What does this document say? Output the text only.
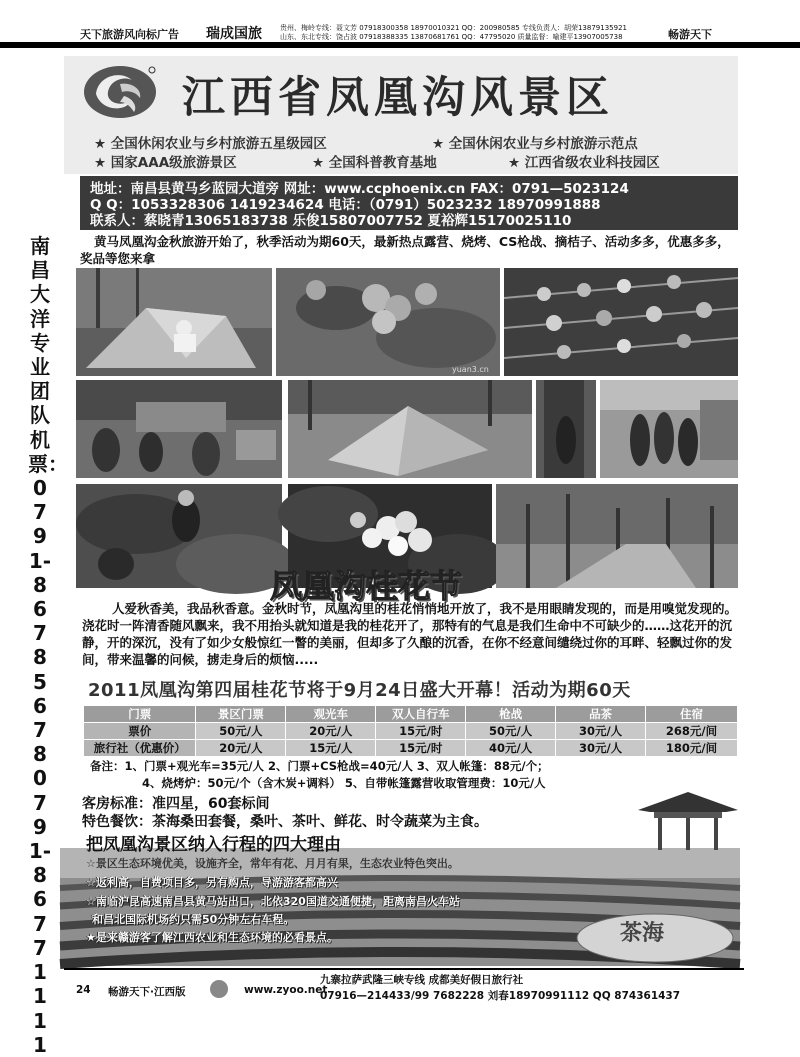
天下旅游风向标广告 瑞成国旅	贵州、梅岭专线：聂文芳 07918300358 18970010321 QQ：200980585 专线负责人：胡荣13879135921
山东、东北专线：饶占波 07918388335 13870681761 QQ：47795020 质量监督：喻建平13907005738	畅游天下
南昌大洋专业团队机票：0791-86785678 0791-86771111
江西省凤凰沟风景区
★ 全国休闲农业与乡村旅游五星级园区	★ 全国休闲农业与乡村旅游示范点
★ 国家AAA级旅游景区	★ 全国科普教育基地	★ 江西省级农业科技园区
地址：南昌县黄马乡蓝园大道旁 网址：www.ccphoenix.cn FAX：0791—5023124
Q Q：1053328306 1419234624 电话：（0791）5023232 18970991888
联系人：蔡晓青13065183738 乐俊15807007752 夏裕辉15170025110
黄马凤凰沟金秋旅游开始了，秋季活动为期60天，最新热点露营、烧烤、CS枪战、摘桔子、活动多多，优惠多多，奖品等您来拿
yuan3.cn
凤凰沟桂花节
人爱秋香美，我品秋香意。金秋时节，凤凰沟里的桂花悄悄地开放了，我不是用眼睛发现的，而是用嗅觉发现的。浇花时一阵清香随风飘来，我不用抬头就知道是我的桂花开了，那特有的气息是我们生命中不可缺少的……这花开的沉静，开的深沉，没有了如少女般惊红一瞥的美丽，但却多了久酿的沉香，在你不经意间缱绕过你的耳畔、轻飘过你的发间，带来温馨的问候，掳走身后的烦恼.....
2011凤凰沟第四届桂花节将于9月24日盛大开幕！活动为期60天
门票	景区门票	观光车	双人自行车	枪战	品茶	住宿
票价	50元/人	20元/人	15元/时	50元/人	30元/人	268元/间
旅行社（优惠价）	20元/人	15元/人	15元/时	40元/人	30元/人	180元/间
备注：1、门票+观光车=35元/人 2、门票+CS枪战=40元/人 3、双人帐篷：88元/个；
4、烧烤炉：50元/个（含木炭+调料） 5、自带帐篷露营收取管理费：10元/人
客房标准：准四星，60套标间
特色餐饮：茶海桑田套餐，桑叶、茶叶、鲜花、时令蔬菜为主食。
把凤凰沟景区纳入行程的四大理由
☆景区生态环境优美，设施齐全，常年有花、月月有果，生态农业特色突出。
☆返利高，自费项目多，另有购点，导游游客都高兴
☆南临沪昆高速南昌县黄马站出口，北依320国道交通便捷，距离南昌火车站
和昌北国际机场约只需50分钟左右车程。
★是来赣游客了解江西农业和生态环境的必看景点。	茶海
24 畅游天下·江西版	www.zyoo.net
九寨拉萨武隆三峡专线 成都美好假日旅行社
07916—214433/99 7682228 刘春18970991112 QQ 874361437
